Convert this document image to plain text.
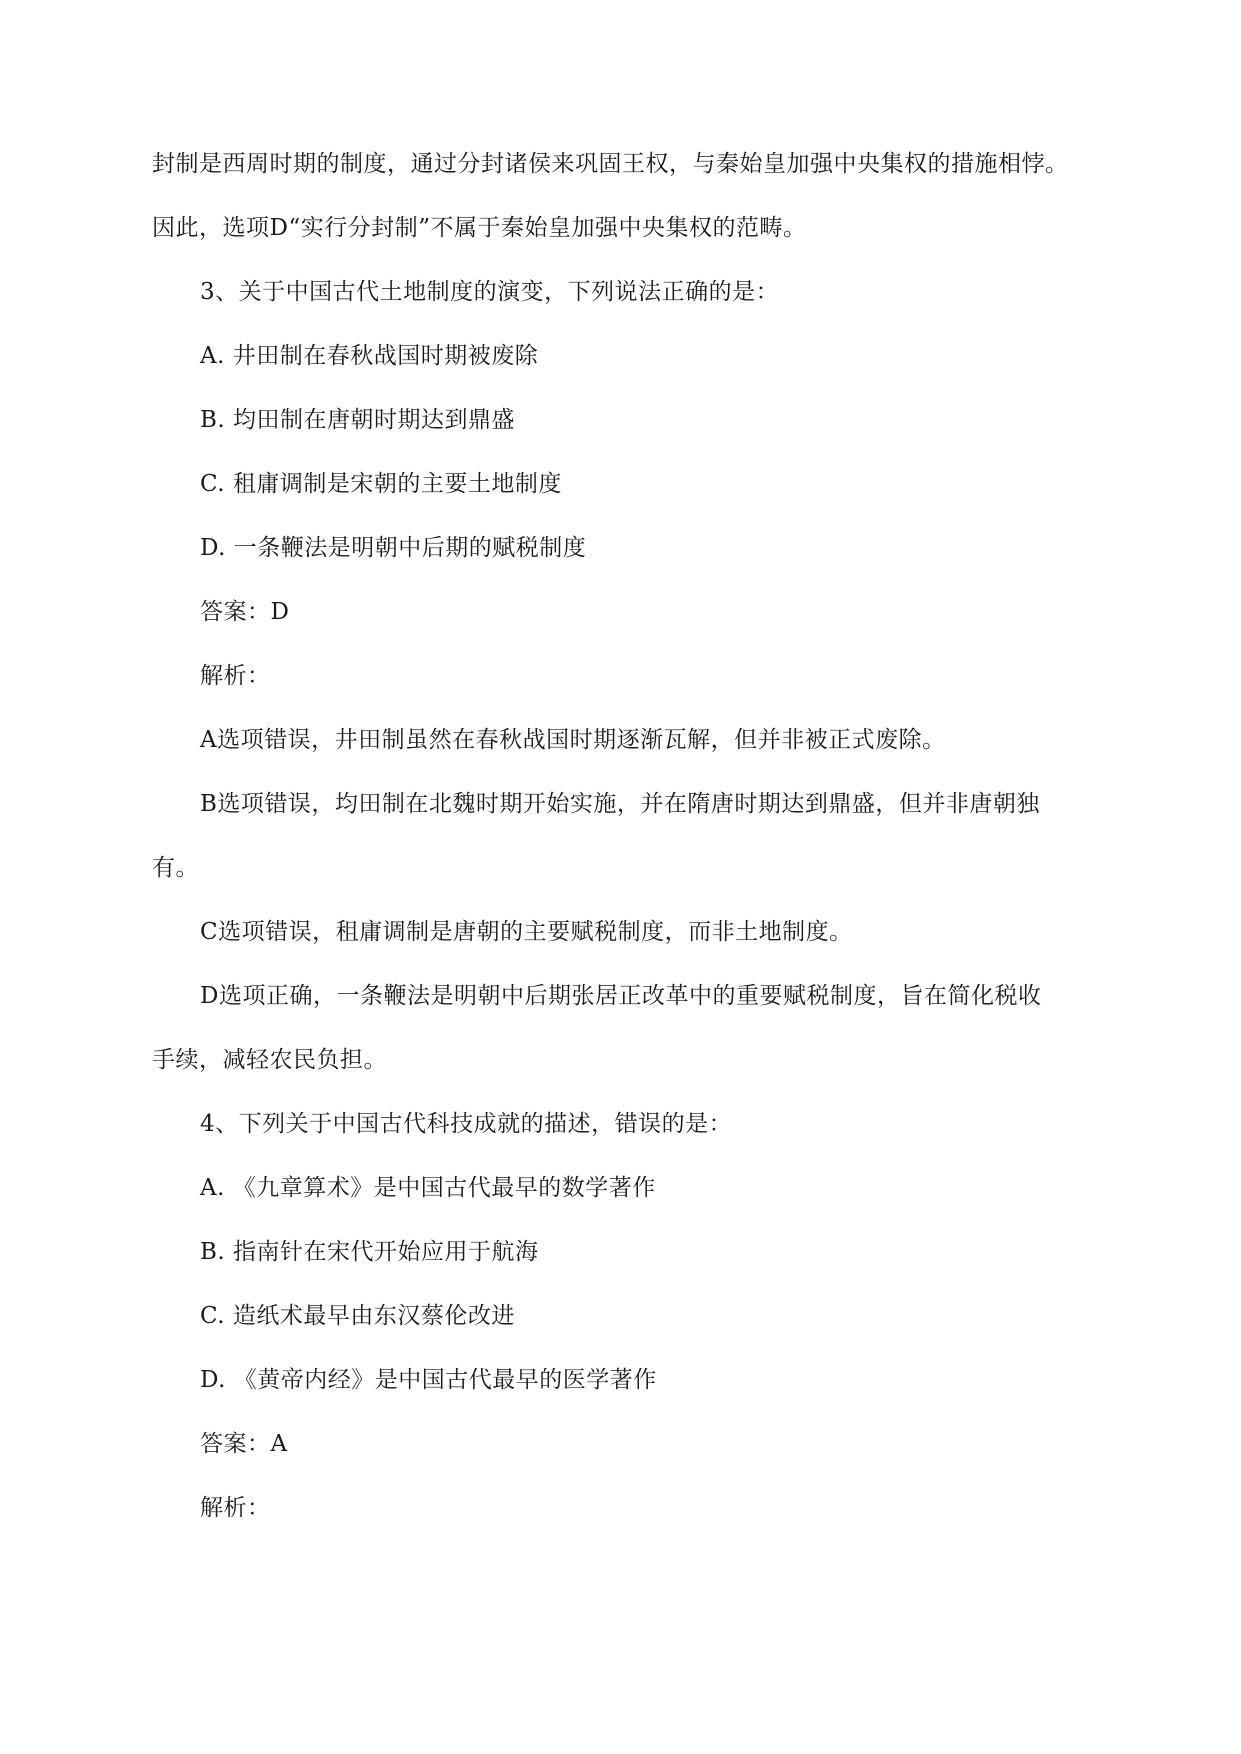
封制是西周时期的制度，通过分封诸侯来巩固王权，与秦始皇加强中央集权的措施相悖。
因此，选项D“实行分封制”不属于秦始皇加强中央集权的范畴。
3、关于中国古代土地制度的演变，下列说法正确的是：
A. 井田制在春秋战国时期被废除
B. 均田制在唐朝时期达到鼎盛
C. 租庸调制是宋朝的主要土地制度
D. 一条鞭法是明朝中后期的赋税制度
答案：D
解析：
A选项错误，井田制虽然在春秋战国时期逐渐瓦解，但并非被正式废除。
B选项错误，均田制在北魏时期开始实施，并在隋唐时期达到鼎盛，但并非唐朝独
有。
C选项错误，租庸调制是唐朝的主要赋税制度，而非土地制度。
D选项正确，一条鞭法是明朝中后期张居正改革中的重要赋税制度，旨在简化税收
手续，减轻农民负担。
4、下列关于中国古代科技成就的描述，错误的是：
A. 《九章算术》是中国古代最早的数学著作
B. 指南针在宋代开始应用于航海
C. 造纸术最早由东汉蔡伦改进
D. 《黄帝内经》是中国古代最早的医学著作
答案：A
解析：
